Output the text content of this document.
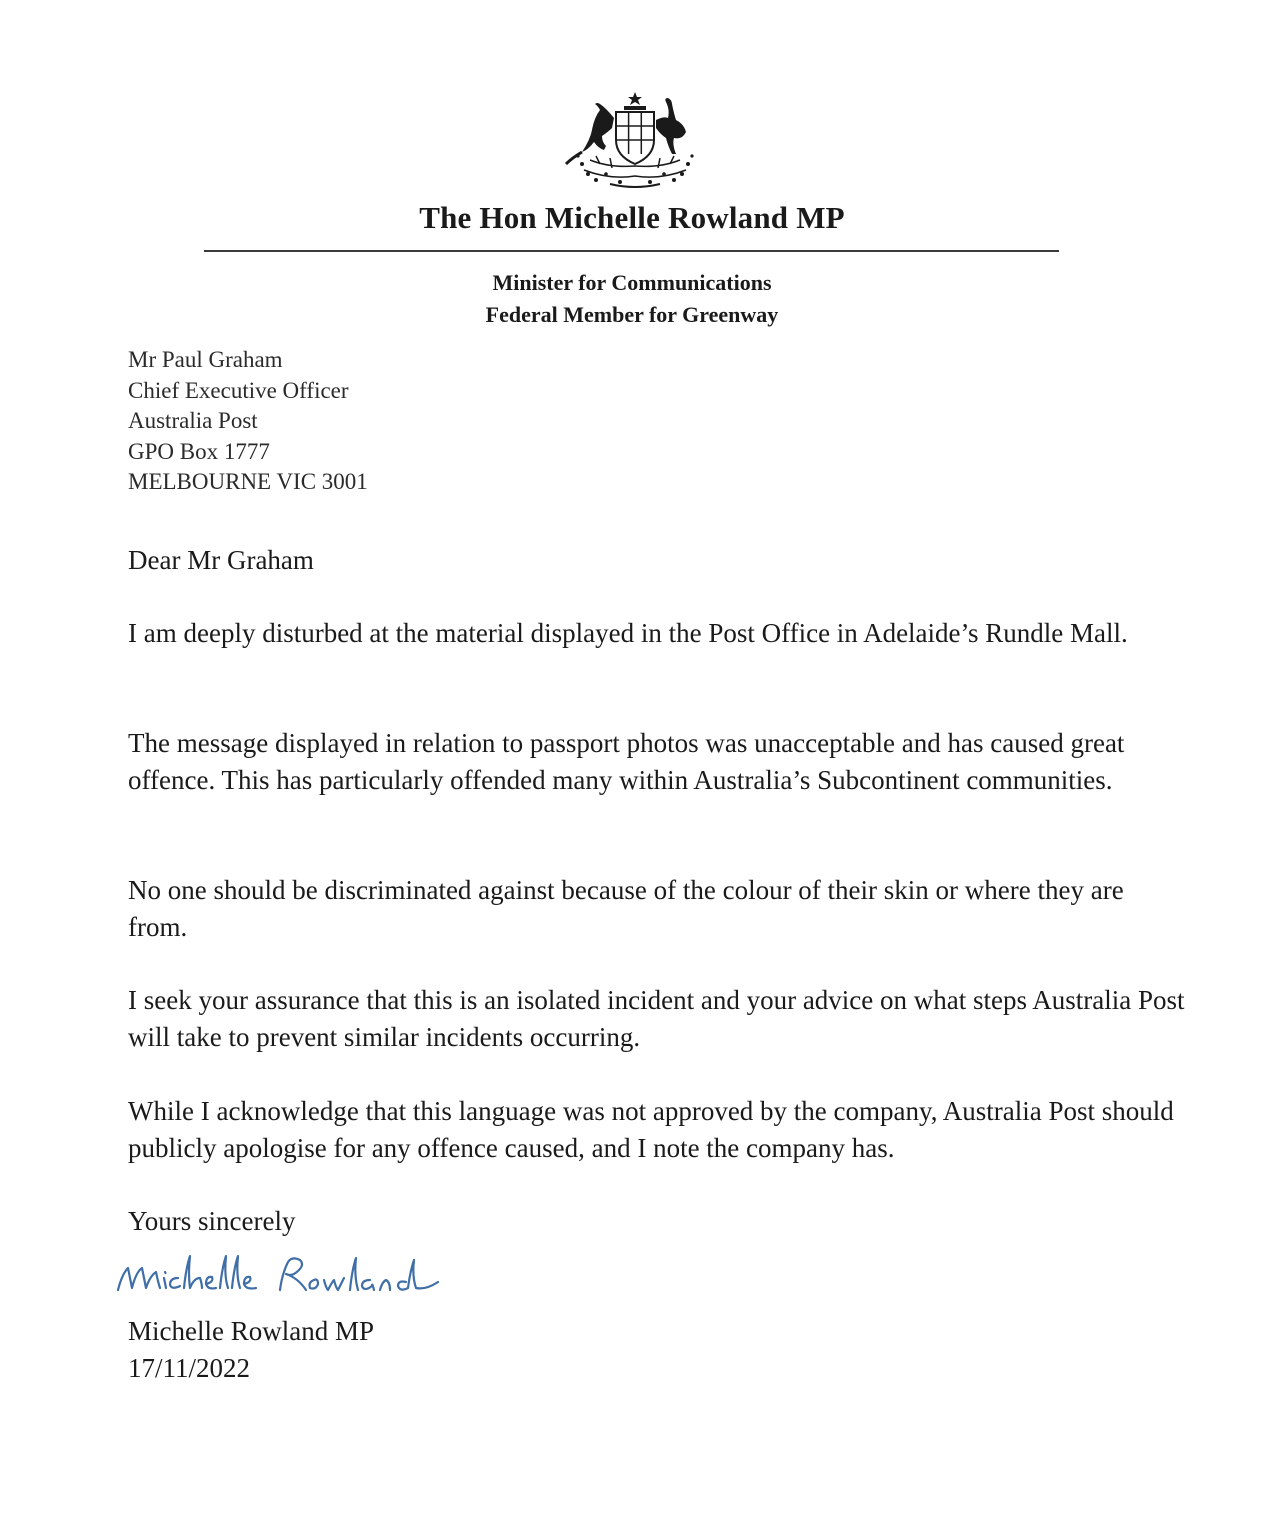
The Hon Michelle Rowland MP
Minister for Communications
Federal Member for Greenway
Mr Paul Graham
Chief Executive Officer
Australia Post
GPO Box 1777
MELBOURNE VIC 3001
Dear Mr Graham
I am deeply disturbed at the material displayed in the Post Office in Adelaide’s Rundle Mall.
The message displayed in relation to passport photos was unacceptable and has caused great offence. This has particularly offended many within Australia’s Subcontinent communities.
No one should be discriminated against because of the colour of their skin or where they are from.
I seek your assurance that this is an isolated incident and your advice on what steps Australia Post will take to prevent similar incidents occurring.
While I acknowledge that this language was not approved by the company, Australia Post should publicly apologise for any offence caused, and I note the company has.
Yours sincerely
Michelle Rowland MP
17/11/2022
